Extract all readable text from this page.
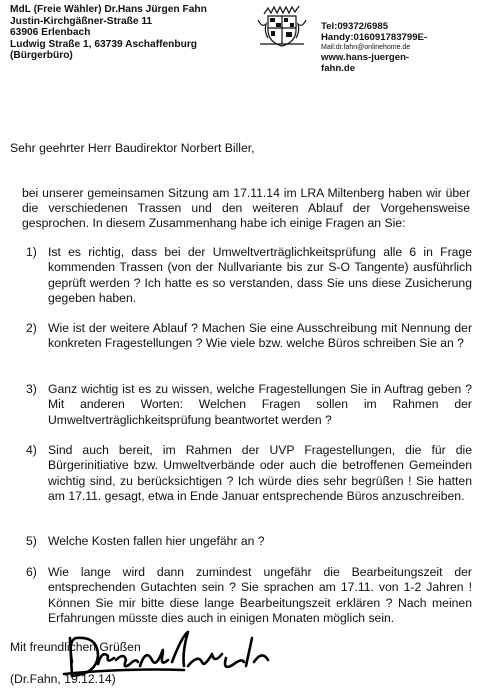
MdL (Freie Wähler) Dr.Hans Jürgen Fahn
Justin-Kirchgäßner-Straße 11
63906 Erlenbach
Ludwig Straße 1, 63739 Aschaffenburg
(Bürgerbüro)
Tel:09372/6985
Handy:016091783799E-
Mail:dr.fahn@onlinehome.de
www.hans-juergen-
fahn.de
Sehr geehrter Herr Baudirektor Norbert Biller,
bei unserer gemeinsamen Sitzung am 17.11.14 im LRA Miltenberg haben wir über die verschiedenen Trassen und den weiteren Ablauf der Vorgehensweise gesprochen. In diesem Zusammenhang habe ich einige Fragen an Sie:
1) Ist es richtig, dass bei der Umweltverträglichkeitsprüfung alle 6 in Frage kommenden Trassen (von der Nullvariante bis zur S-O Tangente) ausführlich geprüft werden ? Ich hatte es so verstanden, dass Sie uns diese Zusicherung gegeben haben.
2) Wie ist der weitere Ablauf ? Machen Sie eine Ausschreibung mit Nennung der konkreten Fragestellungen ? Wie viele bzw. welche Büros schreiben Sie an ?
3) Ganz wichtig ist es zu wissen, welche Fragestellungen Sie in Auftrag geben ? Mit anderen Worten: Welchen Fragen sollen im Rahmen der Umweltverträglichkeitsprüfung beantwortet werden ?
4) Sind auch bereit, im Rahmen der UVP Fragestellungen, die für die Bürgerinitiative bzw. Umweltverbände oder auch die betroffenen Gemeinden wichtig sind, zu berücksichtigen ? Ich würde dies sehr begrüßen ! Sie hatten am 17.11. gesagt, etwa in Ende Januar entsprechende Büros anzuschreiben.
5) Welche Kosten fallen hier ungefähr an ?
6) Wie lange wird dann zumindest ungefähr die Bearbeitungszeit der entsprechenden Gutachten sein ? Sie sprachen am 17.11. von 1-2 Jahren ! Können Sie mir bitte diese lange Bearbeitungszeit erklären ? Nach meinen Erfahrungen müsste dies auch in einigen Monaten möglich sein.
Mit freundlichen Grüßen
(Dr.Fahn, 19.12.14)
